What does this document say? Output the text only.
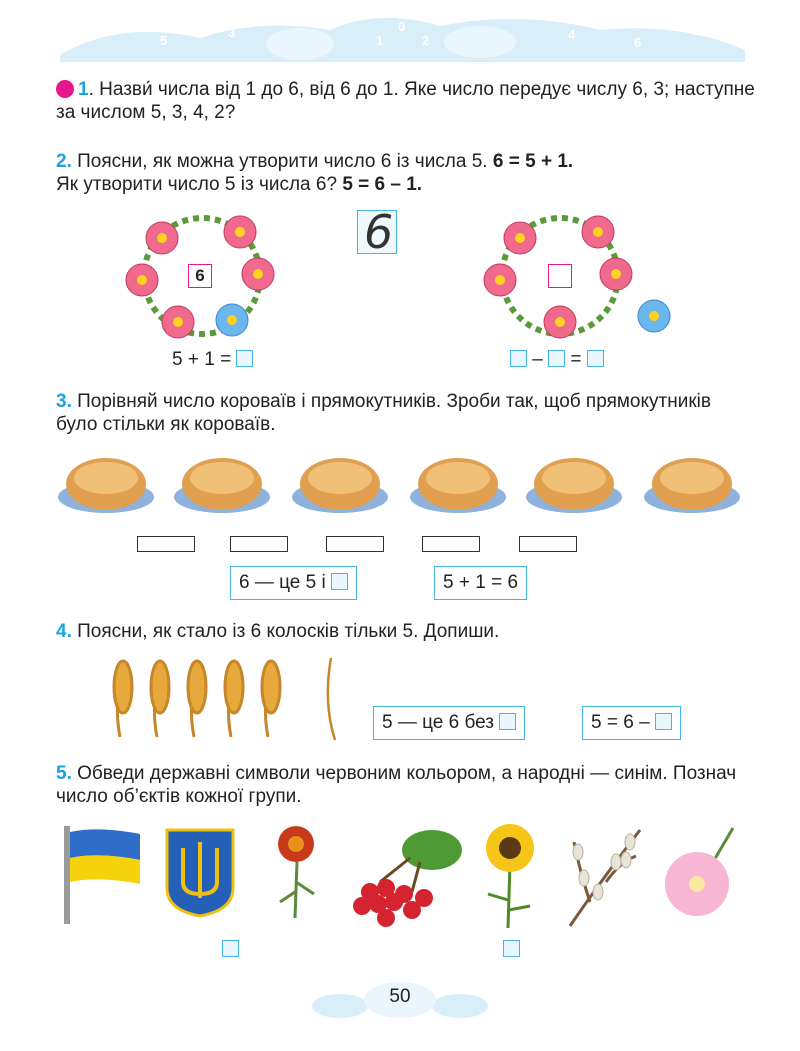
7
5
3
1
0
2	4
6
8
1. Назви́ числа від 1 до 6, від 6 до 1. Яке число передує числу 6, 3; наступне за числом 5, 3, 4, 2?
2. Поясни, як можна утворити число 6 із числа 5. 6 = 5 + 1.
Як утворити число 5 із числа 6? 5 = 6 – 1.
6
5 + 1 =
6
– =
3. Порівняй число короваїв і прямокутників. Зроби так, щоб прямокутників було стільки як короваїв.
6 — це 5 і	5 + 1 = 6
4. Поясни, як стало із 6 колосків тільки 5. Допиши.
5 — це 6 без	5 = 6 –
5. Обведи державні символи червоним кольором, а народні — синім. Познач число об’єктів кожної групи.
50
